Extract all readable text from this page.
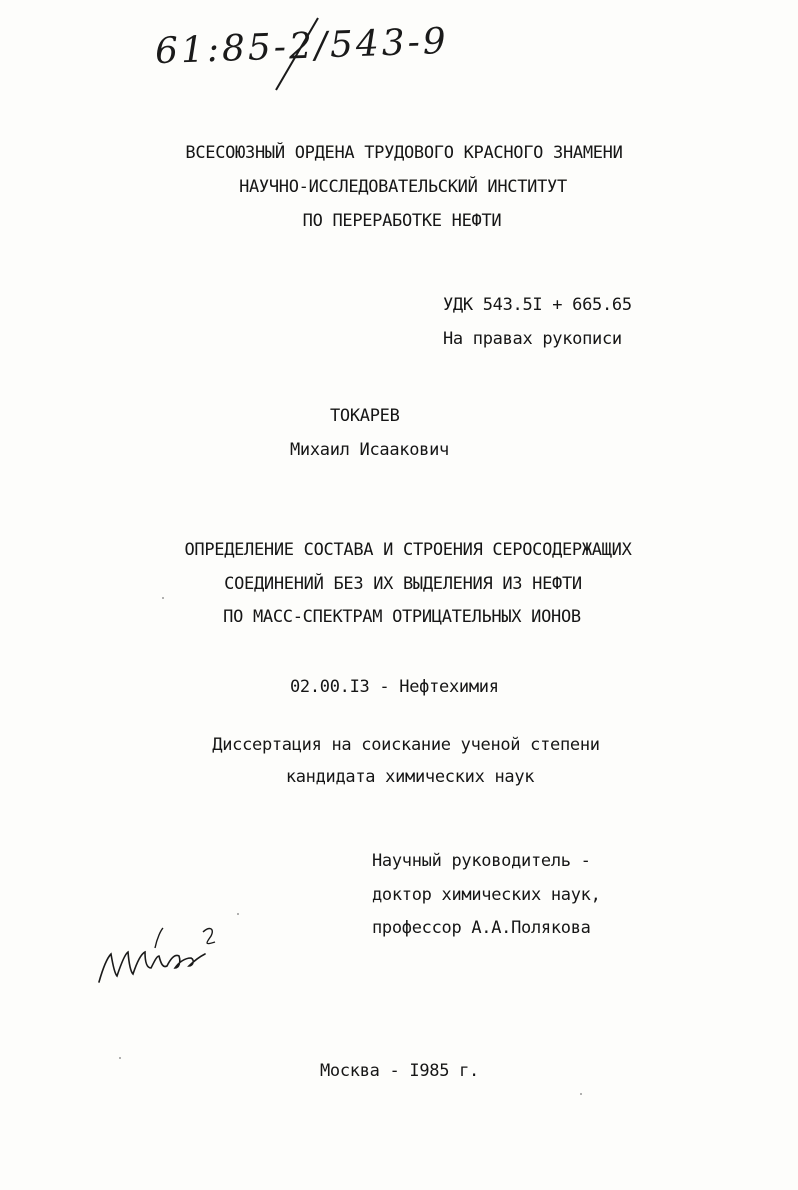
61:85-2/543-9
ВСЕСОЮЗНЫЙ ОРДЕНА ТРУДОВОГО КРАСНОГО ЗНАМЕНИ
НАУЧНО-ИССЛЕДОВАТЕЛЬСКИЙ ИНСТИТУТ
ПО ПЕРЕРАБОТКЕ НЕФТИ
УДК 543.5I + 665.65
На правах рукописи
ТОКАРЕВ
Михаил Исаакович
ОПРЕДЕЛЕНИЕ СОСТАВА И СТРОЕНИЯ СЕРОСОДЕРЖАЩИХ
СОЕДИНЕНИЙ БЕЗ ИХ ВЫДЕЛЕНИЯ ИЗ НЕФТИ
ПО МАСС-СПЕКТРАМ ОТРИЦАТЕЛЬНЫХ ИОНОВ
02.00.I3 - Нефтехимия
Диссертация на соискание ученой степени
кандидата химических наук
Научный руководитель -
доктор химических наук,
профессор А.А.Полякова
Москва - I985 г.
